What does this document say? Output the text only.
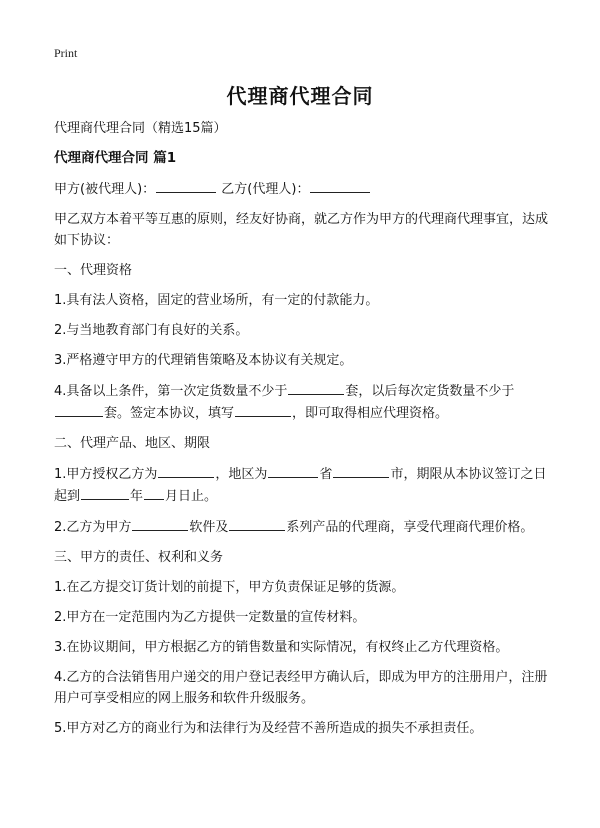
Print
代理商代理合同

代理商代理合同（精选15篇）

代理商代理合同 篇1

甲方(被代理人)：	乙方(代理人)：

甲乙双方本着平等互惠的原则，经友好协商，就乙方作为甲方的代理商代理事宜，达成如下协议：

一、代理资格

1.具有法人资格，固定的营业场所，有一定的付款能力。

2.与当地教育部门有良好的关系。

3.严格遵守甲方的代理销售策略及本协议有关规定。

4.具备以上条件，第一次定货数量不少于	套，以后每次定货数量不少于套。签定本协议，填写	，即可取得相应代理资格。

二、代理产品、地区、期限

1.甲方授权乙方为	，地区为	省	市，期限从本协议签订之日起到	年 月日止。

2.乙方为甲方	软件及	系列产品的代理商，享受代理商代理价格。

三、甲方的责任、权利和义务

1.在乙方提交订货计划的前提下，甲方负责保证足够的货源。

2.甲方在一定范围内为乙方提供一定数量的宣传材料。

3.在协议期间，甲方根据乙方的销售数量和实际情况，有权终止乙方代理资格。

4.乙方的合法销售用户递交的用户登记表经甲方确认后，即成为甲方的注册用户，注册用户可享受相应的网上服务和软件升级服务。

5.甲方对乙方的商业行为和法律行为及经营不善所造成的损失不承担责任。
